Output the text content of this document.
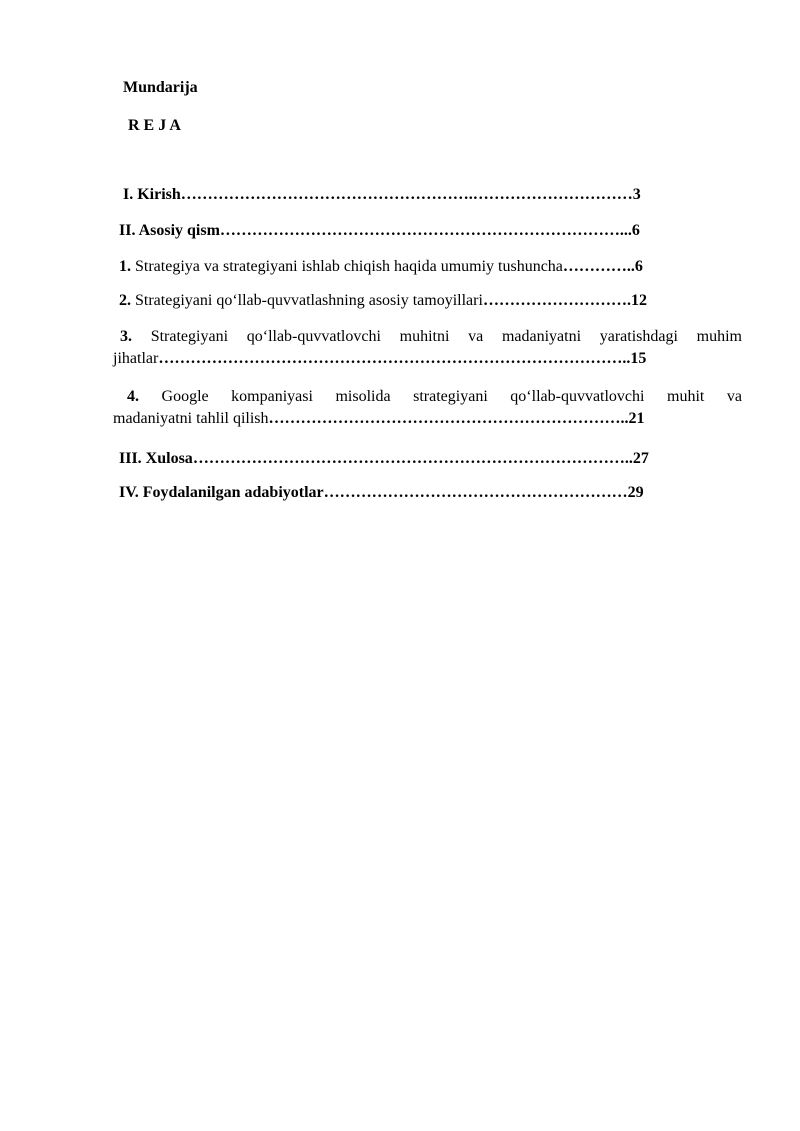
Mundarija
R E J A
I. Kirish……………………………………………….…………………………3
II. Asosiy qism…………………………………………………………………...6
1. Strategiya va strategiyani ishlab chiqish haqida umumiy tushuncha…………..6
2. Strategiyani qo‘llab-quvvatlashning asosiy tamoyillari……………………….12
3. Strategiyani qo‘llab-quvvatlovchi muhitni va madaniyatni yaratishdagi muhim
jihatlar……………………………………………………………………………..15
4. Google kompaniyasi misolida strategiyani qo‘llab-quvvatlovchi muhit va
madaniyatni tahlil qilish…………………………………………………………..21
III. Xulosa………………………………………………………………………..27
IV. Foydalanilgan adabiyotlar…………………………………………………29
